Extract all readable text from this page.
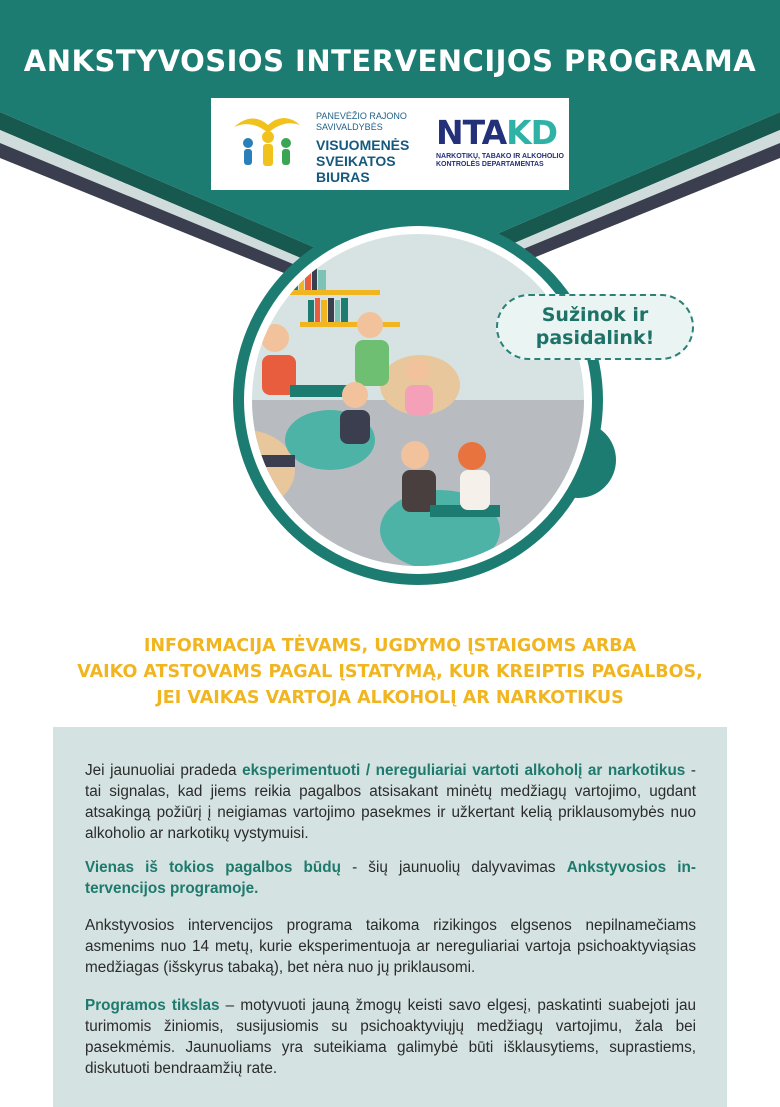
ANKSTYVOSIOS INTERVENCIJOS PROGRAMA
PANEVĖŽIO RAJONO
SAVIVALDYBĖS
VISUOMENĖS
SVEIKATOS
BIURAS
NTAKD
NARKOTIKŲ, TABAKO IR ALKOHOLIO
KONTROLĖS DEPARTAMENTAS
Sužinok ir pasidalink!
INFORMACIJA TĖVAMS, UGDYMO ĮSTAIGOMS ARBA
VAIKO ATSTOVAMS PAGAL ĮSTATYMĄ, KUR KREIPTIS PAGALBOS,
JEI VAIKAS VARTOJA ALKOHOLĮ AR NARKOTIKUS
Jei jaunuoliai pradeda eksperimentuoti / nereguliariai vartoti alkoholį ar narkotikus - tai signalas, kad jiems reikia pagalbos atsisakant minėtų medžiagų vartojimo, ugdant atsakingą požiūrį į neigiamas vartojimo pasekmes ir užkertant kelią priklausomybės nuo alkoholio ar narkotikų vystymuisi.
Vienas iš tokios pagalbos būdų - šių jaunuolių dalyvavimas Ankstyvosios intervencijos programoje.
Ankstyvosios intervencijos programa taikoma rizikingos elgsenos nepilnamečiams asmenims nuo 14 metų, kurie eksperimentuoja ar nereguliariai vartoja psichoaktyviąsias medžiagas (išskyrus tabaką), bet nėra nuo jų priklausomi.
Programos tikslas – motyvuoti jauną žmogų keisti savo elgesį, paskatinti suabejoti jau turimomis žiniomis, susijusiomis su psichoaktyviųjų medžiagų vartojimu, žala bei pasekmėmis. Jaunuoliams yra suteikiama galimybė būti išklausytiems, suprastiems, diskutuoti bendraamžių rate.
